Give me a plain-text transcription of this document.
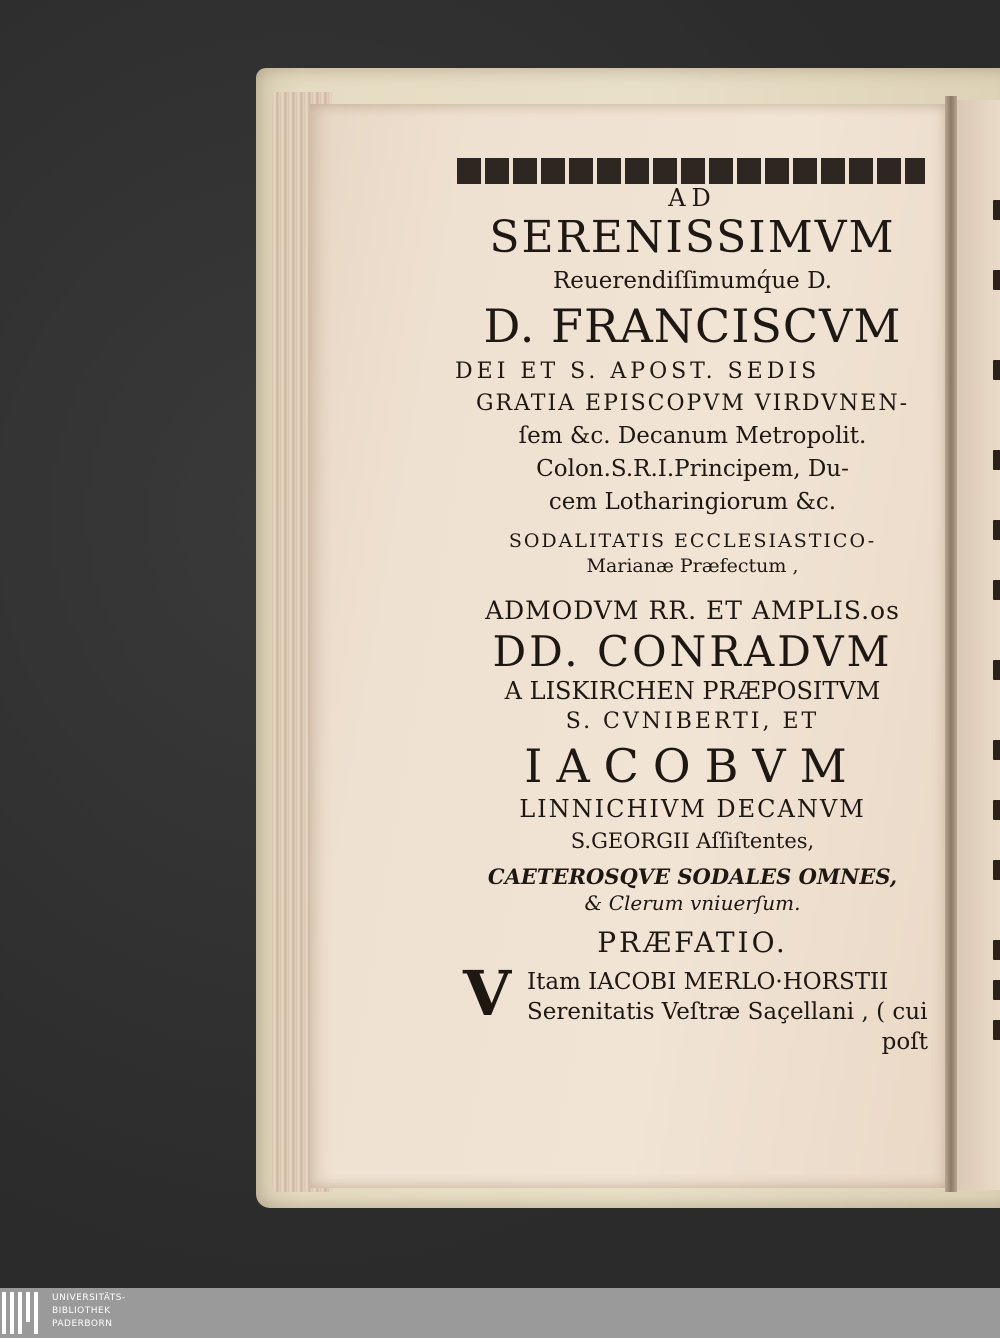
AD

SERENISSIMVM

Reuerendiſſimumq́ue D.

D. FRANCISCVM

DEI ET S. APOST. SEDIS

GRATIA EPISCOPVM VIRDVNEN-

ſem &c. Decanum Metropolit.

Colon.S.R.I.Principem, Du-

cem Lotharingiorum &c.

SODALITATIS ECCLESIASTICO-

Marianæ Præfectum ,

ADMODVM RR. ET AMPLIS.os

DD. CONRADVM

A LISKIRCHEN PRÆPOSITVM

S. CVNIBERTI, ET

IACOBVM

LINNICHIVM DECANVM

S.GEORGII Aſſiſtentes,

CAETEROSQVE SODALES OMNES,

& Clerum vniuerſum.

PRÆFATIO.

V Itam IACOBI MERLO·HORSTII
Serenitatis Veſtræ Saçellani , ( cui
poſt
UNIVERSITÄTS-
BIBLIOTHEK
PADERBORN
